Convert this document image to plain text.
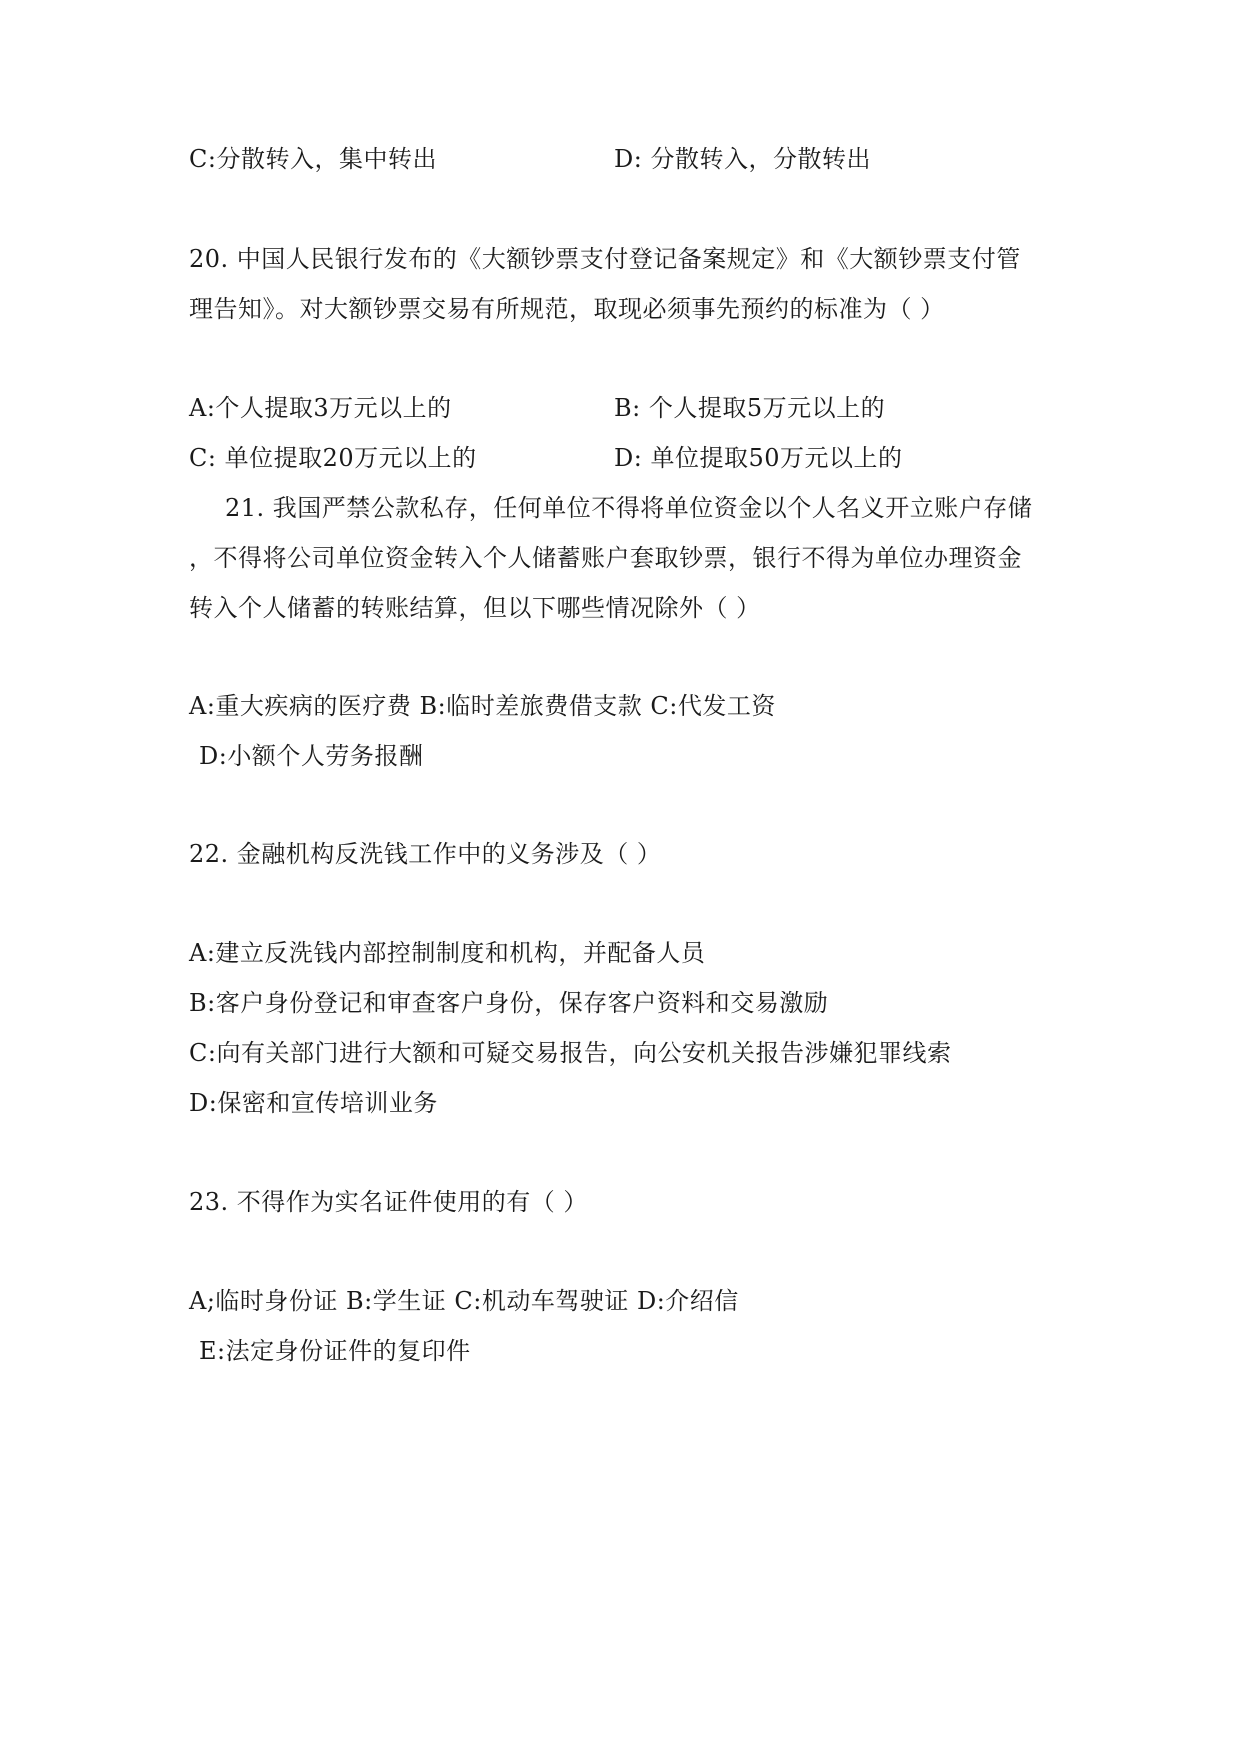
C:分散转入，集中转出	D: 分散转入，分散转出
20. 中国人民银行发布的《大额钞票支付登记备案规定》和《大额钞票支付管
理告知》。对大额钞票交易有所规范，取现必须事先预约的标准为（ ）
A:个人提取3万元以上的	B: 个人提取5万元以上的
C: 单位提取20万元以上的	D: 单位提取50万元以上的
21. 我国严禁公款私存，任何单位不得将单位资金以个人名义开立账户存储
，不得将公司单位资金转入个人储蓄账户套取钞票，银行不得为单位办理资金
转入个人储蓄的转账结算，但以下哪些情况除外（ ）
A:重大疾病的医疗费 B:临时差旅费借支款 C:代发工资
D:小额个人劳务报酬
22. 金融机构反洗钱工作中的义务涉及（ ）
A:建立反洗钱内部控制制度和机构，并配备人员
B:客户身份登记和审查客户身份，保存客户资料和交易激励
C:向有关部门进行大额和可疑交易报告，向公安机关报告涉嫌犯罪线索
D:保密和宣传培训业务
23. 不得作为实名证件使用的有（ ）
A;临时身份证 B:学生证 C:机动车驾驶证 D:介绍信
E:法定身份证件的复印件
